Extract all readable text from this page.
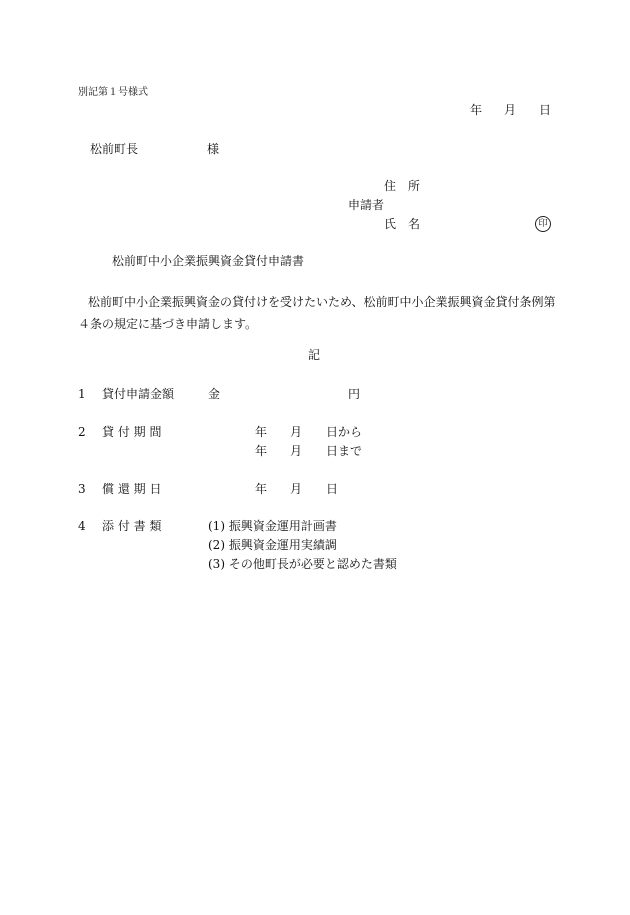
別記第１号様式
年 月 日
松前町長	様
住　所
申請者
氏　名	印
松前町中小企業振興資金貸付申請書
松前町中小企業振興資金の貸付けを受けたいため、松前町中小企業振興資金貸付条例第４条の規定に基づき申請します。
記
1 貸付申請金額	金	円
2 貸 付 期 間	年 月 日から
年 月 日まで
3 償 還 期 日	年 月 日
4 添 付 書 類	(1) 振興資金運用計画書
(2) 振興資金運用実績調
(3) その他町長が必要と認めた書類
